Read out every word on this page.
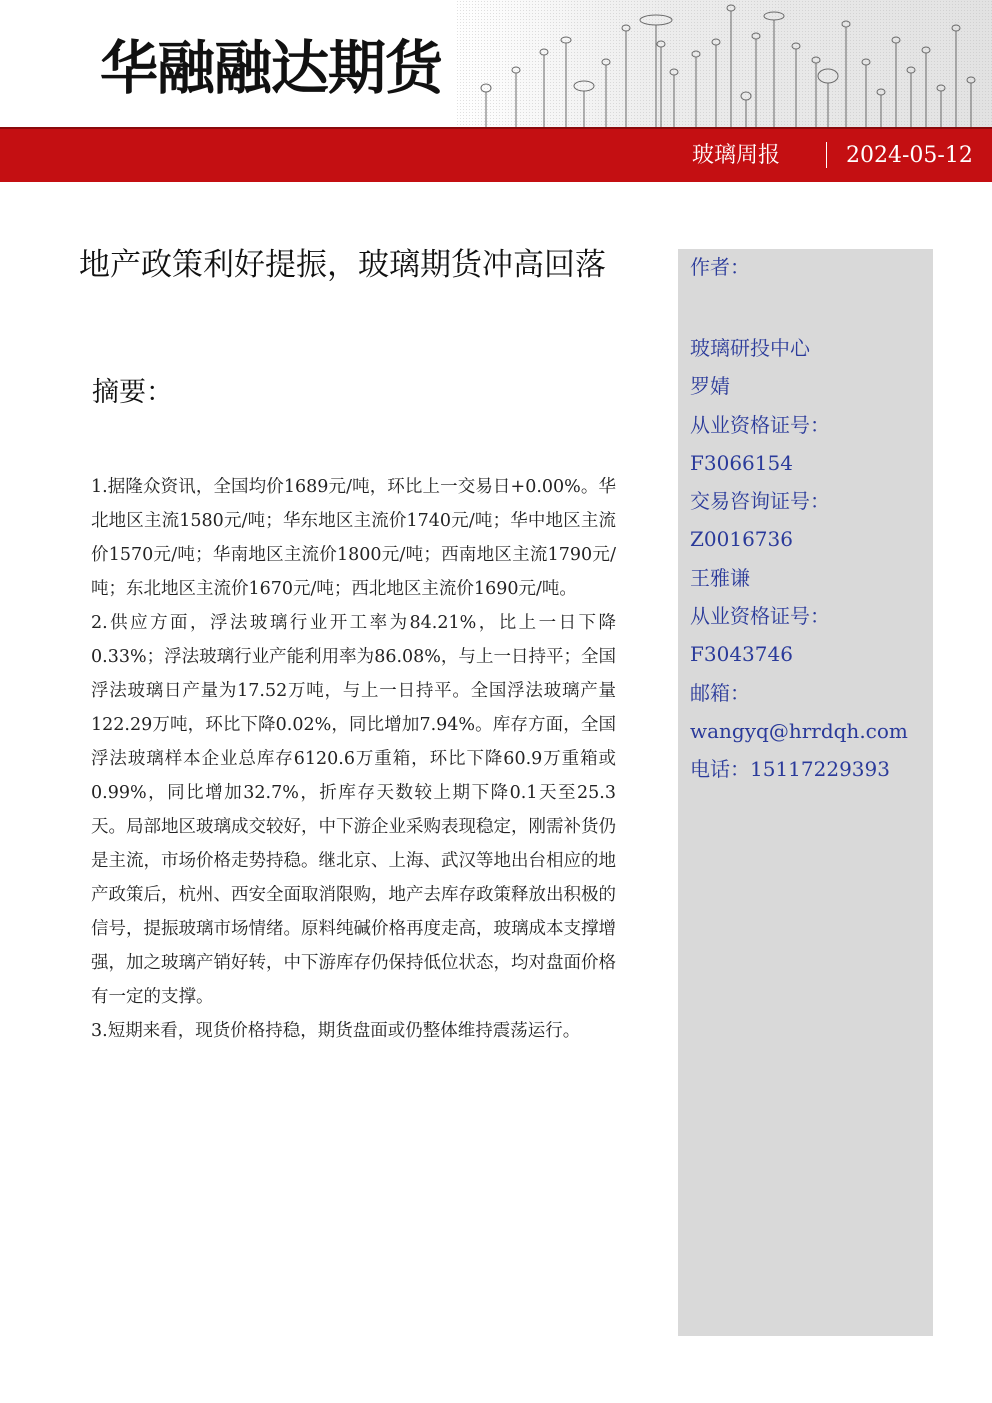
华融融达期货
玻璃周报	2024-05-12
地产政策利好提振，玻璃期货冲高回落	作者：
玻璃研投中心
罗婧
从业资格证号：
F3066154
交易咨询证号：
Z0016736
王雅谦
从业资格证号：
F3043746
邮箱：
wangyq@hrrdqh.com
电话：15117229393
摘要：

1.据隆众资讯，全国均价1689元/吨，环比上一交易日+0.00%。华北地区主流1580元/吨；华东地区主流价1740元/吨；华中地区主流价1570元/吨；华南地区主流价1800元/吨；西南地区主流1790元/吨；东北地区主流价1670元/吨；西北地区主流价1690元/吨。

2.供应方面，浮法玻璃行业开工率为84.21%，比上一日下降0.33%；浮法玻璃行业产能利用率为86.08%，与上一日持平；全国浮法玻璃日产量为17.52万吨，与上一日持平。全国浮法玻璃产量122.29万吨，环比下降0.02%，同比增加7.94%。库存方面，全国浮法玻璃样本企业总库存6120.6万重箱，环比下降60.9万重箱或0.99%，同比增加32.7%，折库存天数较上期下降0.1天至25.3天。局部地区玻璃成交较好，中下游企业采购表现稳定，刚需补货仍是主流，市场价格走势持稳。继北京、上海、武汉等地出台相应的地产政策后，杭州、西安全面取消限购，地产去库存政策释放出积极的信号，提振玻璃市场情绪。原料纯碱价格再度走高，玻璃成本支撑增强，加之玻璃产销好转，中下游库存仍保持低位状态，均对盘面价格有一定的支撑。

3.短期来看，现货价格持稳，期货盘面或仍整体维持震荡运行。
